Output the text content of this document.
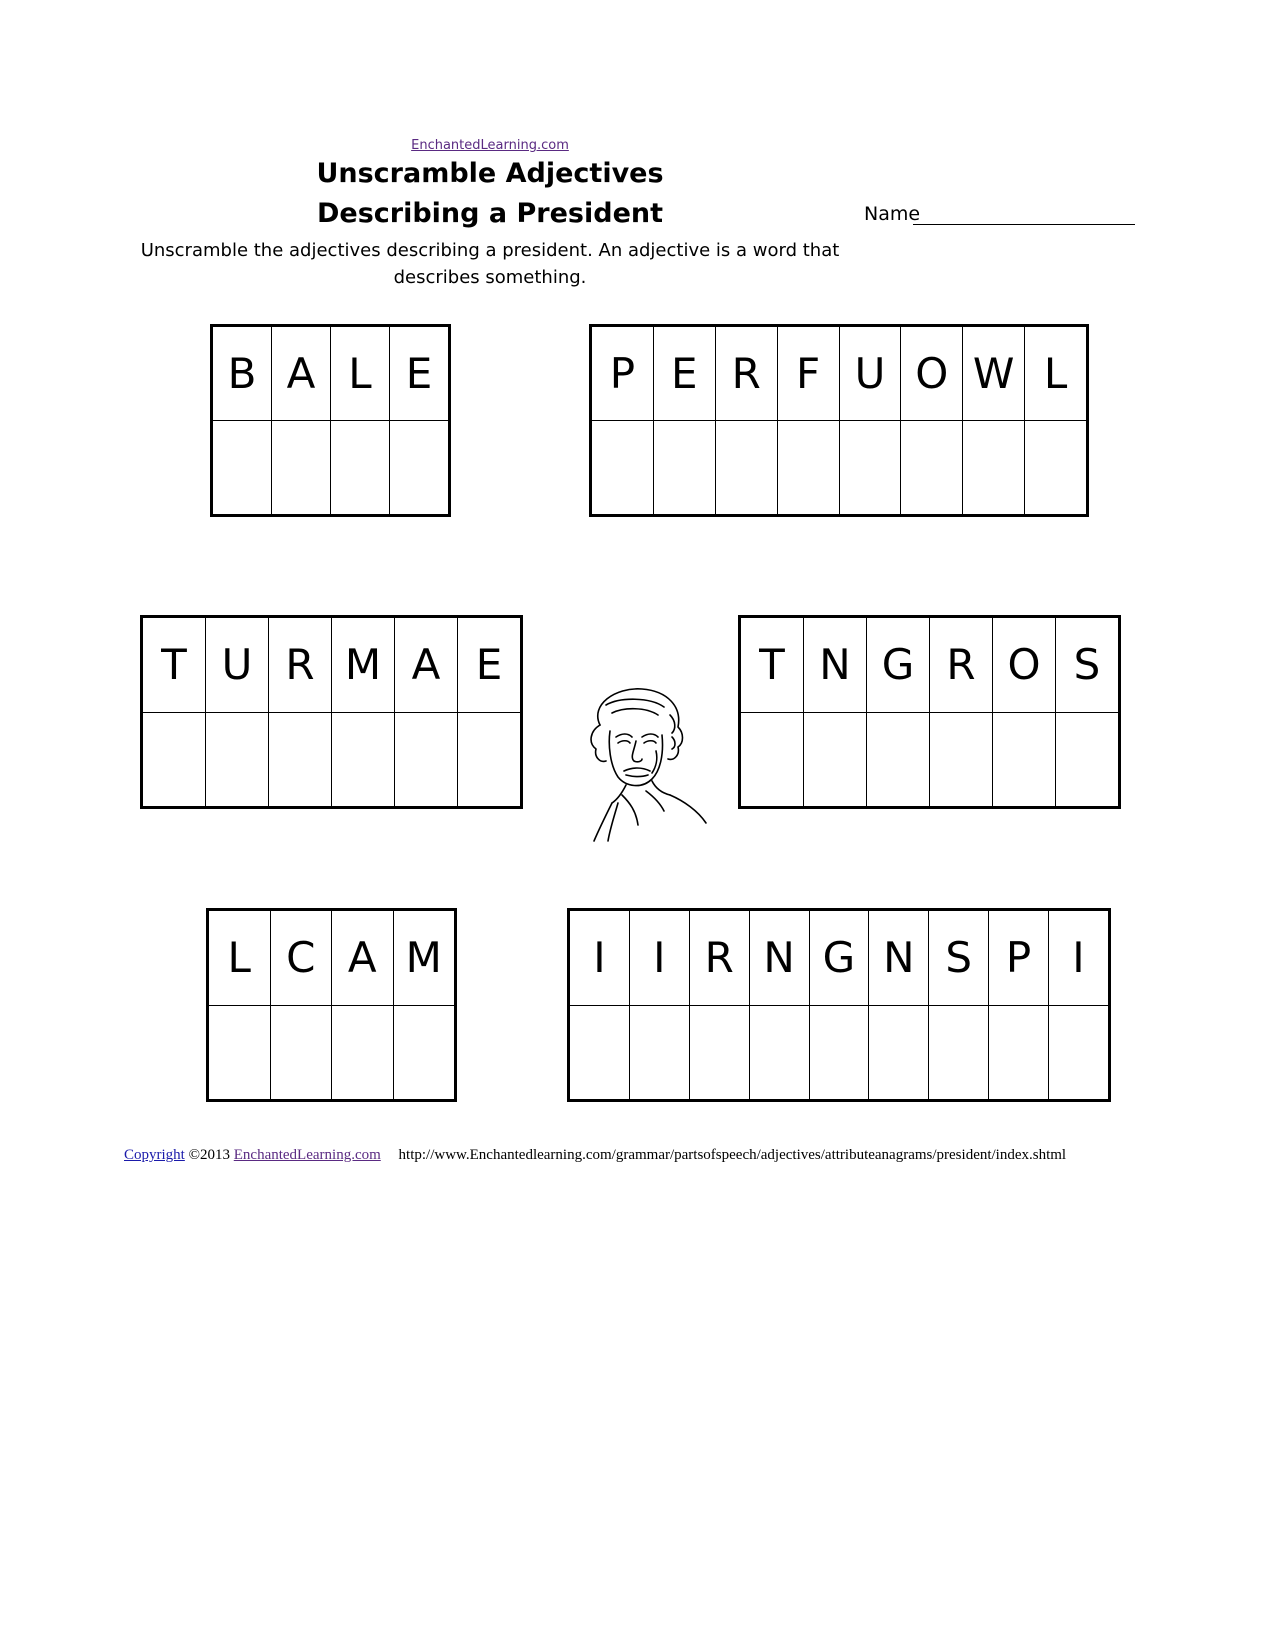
EnchantedLearning.com
Unscramble Adjectives
Describing a President	Name
Unscramble the adjectives describing a president. An adjective is a word that
describes something.
B	A	L	E
				P	E	R	F	U	O	W	L

T	U	R	M	A	E
						T	N	G	R	O	S

L	C	A	M
				I	I	R	N	G	N	S	P	I

Copyright ©2013 EnchantedLearning.com http://www.Enchantedlearning.com/grammar/partsofspeech/adjectives/attributeanagrams/president/index.shtml
